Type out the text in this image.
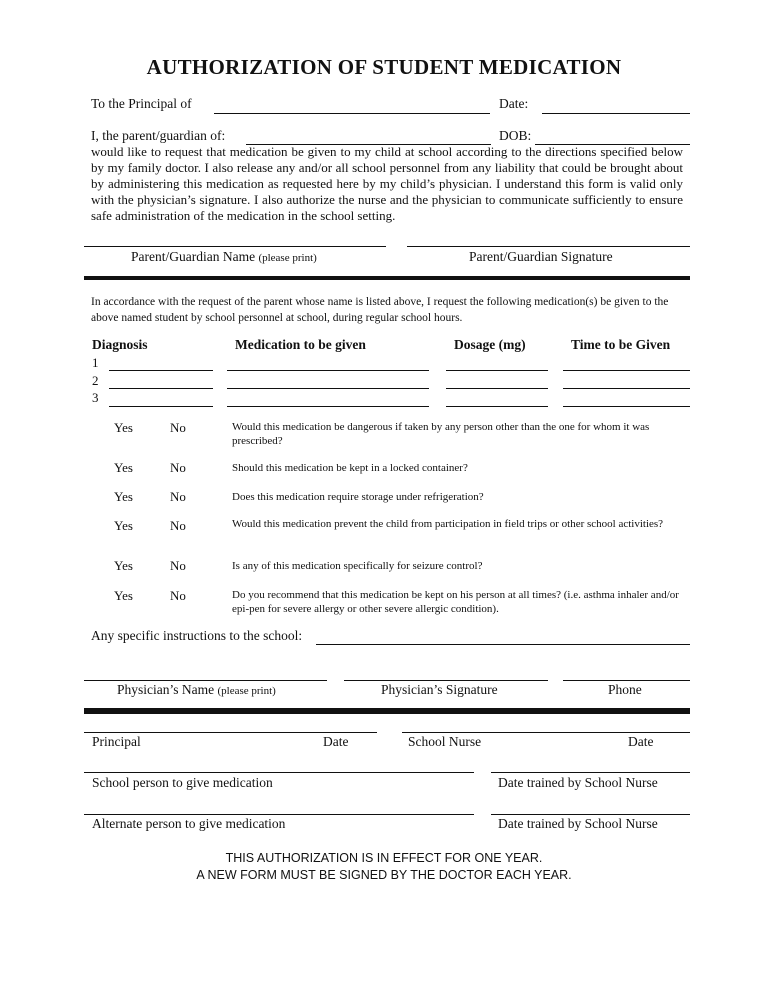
AUTHORIZATION OF STUDENT MEDICATION
To the Principal of	Date:
I, the parent/guardian of:	DOB:
would like to request that medication be given to my child at school according to the directions specified below by my family doctor. I also release any and/or all school personnel from any liability that could be brought about by administering this medication as requested here by my child’s physician. I understand this form is valid only with the physician’s signature. I also authorize the nurse and the physician to communicate sufficiently to ensure safe administration of the medication in the school setting.
Parent/Guardian Name (please print)	Parent/Guardian Signature
In accordance with the request of the parent whose name is listed above, I request the following medication(s) be given to the above named student by school personnel at school, during regular school hours.
Diagnosis	Medication to be given	Dosage (mg)	Time to be Given
1
2
3
Yes	No	Would this medication be dangerous if taken by any person other than the one for whom it was prescribed?
Yes	No	Should this medication be kept in a locked container?
Yes	No	Does this medication require storage under refrigeration?
Yes	No	Would this medication prevent the child from participation in field trips or other school activities?
Yes	No	Is any of this medication specifically for seizure control?
Yes	No	Do you recommend that this medication be kept on his person at all times? (i.e. asthma inhaler and/or epi-pen for severe allergy or other severe allergic condition).
Any specific instructions to the school:
Physician’s Name (please print)	Physician’s Signature	Phone
Principal	Date	School Nurse	Date
School person to give medication	Date trained by School Nurse
Alternate person to give medication	Date trained by School Nurse
THIS AUTHORIZATION IS IN EFFECT FOR ONE YEAR.
A NEW FORM MUST BE SIGNED BY THE DOCTOR EACH YEAR.
